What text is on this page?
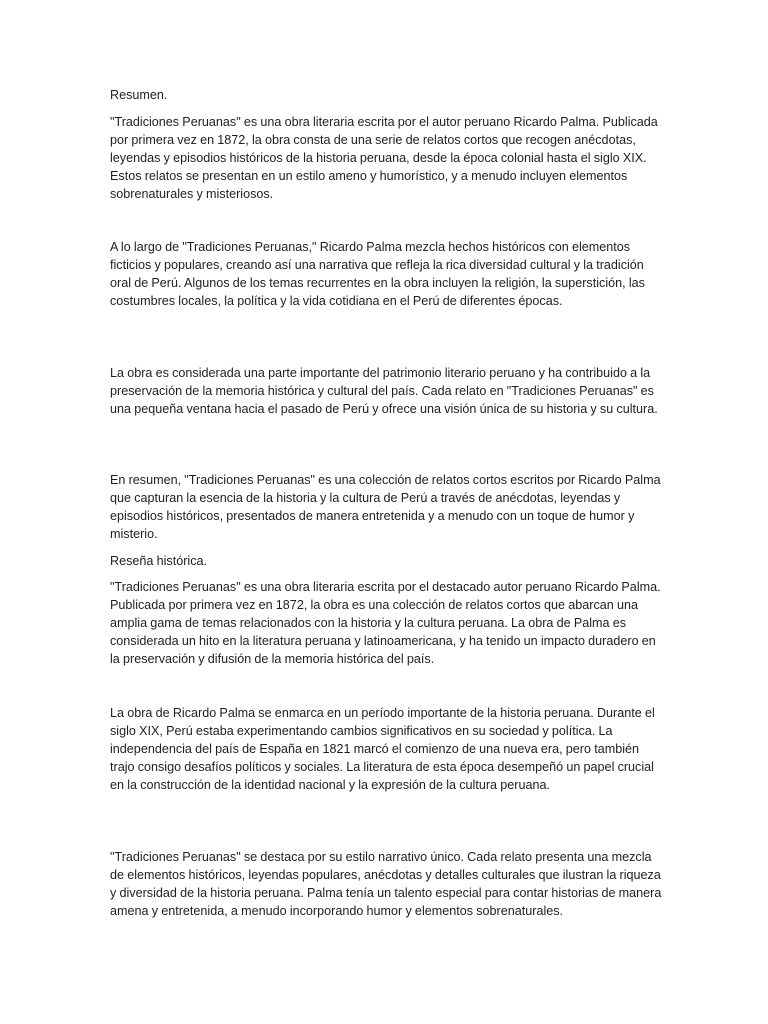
Resumen.

"Tradiciones Peruanas" es una obra literaria escrita por el autor peruano Ricardo Palma. Publicada por primera vez en 1872, la obra consta de una serie de relatos cortos que recogen anécdotas, leyendas y episodios históricos de la historia peruana, desde la época colonial hasta el siglo XIX. Estos relatos se presentan en un estilo ameno y humorístico, y a menudo incluyen elementos sobrenaturales y misteriosos.

A lo largo de "Tradiciones Peruanas," Ricardo Palma mezcla hechos históricos con elementos ficticios y populares, creando así una narrativa que refleja la rica diversidad cultural y la tradición oral de Perú. Algunos de los temas recurrentes en la obra incluyen la religión, la superstición, las costumbres locales, la política y la vida cotidiana en el Perú de diferentes épocas.

La obra es considerada una parte importante del patrimonio literario peruano y ha contribuido a la preservación de la memoria histórica y cultural del país. Cada relato en "Tradiciones Peruanas" es una pequeña ventana hacia el pasado de Perú y ofrece una visión única de su historia y su cultura.

En resumen, "Tradiciones Peruanas" es una colección de relatos cortos escritos por Ricardo Palma que capturan la esencia de la historia y la cultura de Perú a través de anécdotas, leyendas y episodios históricos, presentados de manera entretenida y a menudo con un toque de humor y misterio.

Reseña histórica.

"Tradiciones Peruanas" es una obra literaria escrita por el destacado autor peruano Ricardo Palma. Publicada por primera vez en 1872, la obra es una colección de relatos cortos que abarcan una amplia gama de temas relacionados con la historia y la cultura peruana. La obra de Palma es considerada un hito en la literatura peruana y latinoamericana, y ha tenido un impacto duradero en la preservación y difusión de la memoria histórica del país.

La obra de Ricardo Palma se enmarca en un período importante de la historia peruana. Durante el siglo XIX, Perú estaba experimentando cambios significativos en su sociedad y política. La independencia del país de España en 1821 marcó el comienzo de una nueva era, pero también trajo consigo desafíos políticos y sociales. La literatura de esta época desempeñó un papel crucial en la construcción de la identidad nacional y la expresión de la cultura peruana.

"Tradiciones Peruanas" se destaca por su estilo narrativo único. Cada relato presenta una mezcla de elementos históricos, leyendas populares, anécdotas y detalles culturales que ilustran la riqueza y diversidad de la historia peruana. Palma tenía un talento especial para contar historias de manera amena y entretenida, a menudo incorporando humor y elementos sobrenaturales.
